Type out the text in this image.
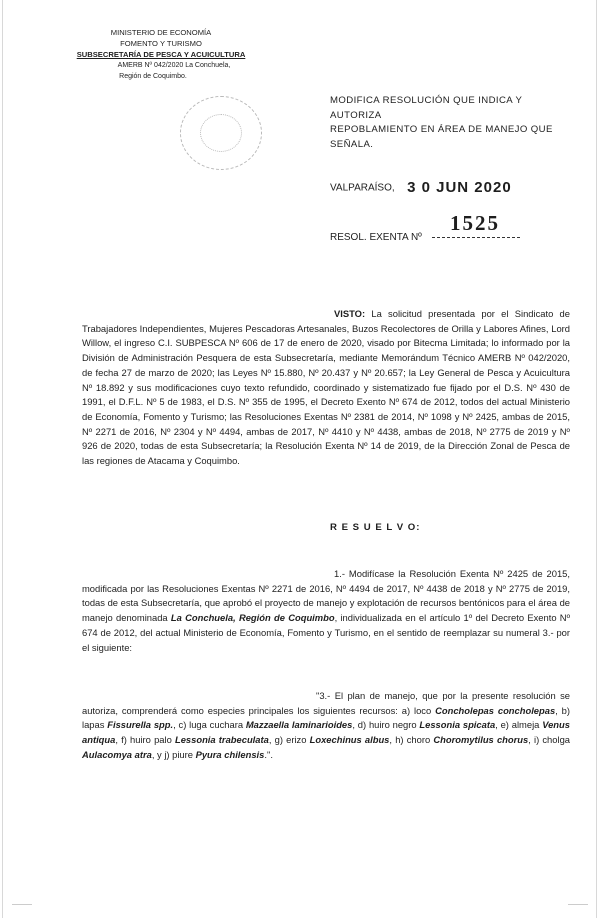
MINISTERIO DE ECONOMÍA
FOMENTO Y TURISMO
SUBSECRETARÍA DE PESCA Y ACUICULTURA
AMERB Nº 042/2020 La Conchuela,
Región de Coquimbo.
MODIFICA RESOLUCIÓN QUE INDICA Y AUTORIZA
REPOBLAMIENTO EN ÁREA DE MANEJO QUE
SEÑALA.
VALPARAÍSO, 3 0 JUN 2020
RESOL. EXENTA Nº
1525
VISTO: La solicitud presentada por el Sindicato de Trabajadores Independientes, Mujeres Pescadoras Artesanales, Buzos Recolectores de Orilla y Labores Afines, Lord Willow, el ingreso C.I. SUBPESCA Nº 606 de 17 de enero de 2020, visado por Bitecma Limitada; lo informado por la División de Administración Pesquera de esta Subsecretaría, mediante Memorándum Técnico AMERB Nº 042/2020, de fecha 27 de marzo de 2020; las Leyes Nº 15.880, Nº 20.437 y Nº 20.657; la Ley General de Pesca y Acuicultura Nº 18.892 y sus modificaciones cuyo texto refundido, coordinado y sistematizado fue fijado por el D.S. Nº 430 de 1991, el D.F.L. Nº 5 de 1983, el D.S. Nº 355 de 1995, el Decreto Exento Nº 674 de 2012, todos del actual Ministerio de Economía, Fomento y Turismo; las Resoluciones Exentas Nº 2381 de 2014, Nº 1098 y Nº 2425, ambas de 2015, Nº 2271 de 2016, Nº 2304 y Nº 4494, ambas de 2017, Nº 4410 y Nº 4438, ambas de 2018, Nº 2775 de 2019 y Nº 926 de 2020, todas de esta Subsecretaría; la Resolución Exenta Nº 14 de 2019, de la Dirección Zonal de Pesca de las regiones de Atacama y Coquimbo.
R E S U E L V O:
1.- Modifícase la Resolución Exenta Nº 2425 de 2015, modificada por las Resoluciones Exentas Nº 2271 de 2016, Nº 4494 de 2017, Nº 4438 de 2018 y Nº 2775 de 2019, todas de esta Subsecretaría, que aprobó el proyecto de manejo y explotación de recursos bentónicos para el área de manejo denominada La Conchuela, Región de Coquimbo, individualizada en el artículo 1º del Decreto Exento Nº 674 de 2012, del actual Ministerio de Economía, Fomento y Turismo, en el sentido de reemplazar su numeral 3.- por el siguiente:
"3.- El plan de manejo, que por la presente resolución se autoriza, comprenderá como especies principales los siguientes recursos: a) loco Concholepas concholepas, b) lapas Fissurella spp., c) luga cuchara Mazzaella laminarioides, d) huiro negro Lessonia spicata, e) almeja Venus antiqua, f) huiro palo Lessonia trabeculata, g) erizo Loxechinus albus, h) choro Choromytilus chorus, i) cholga Aulacomya atra, y j) piure Pyura chilensis.".
